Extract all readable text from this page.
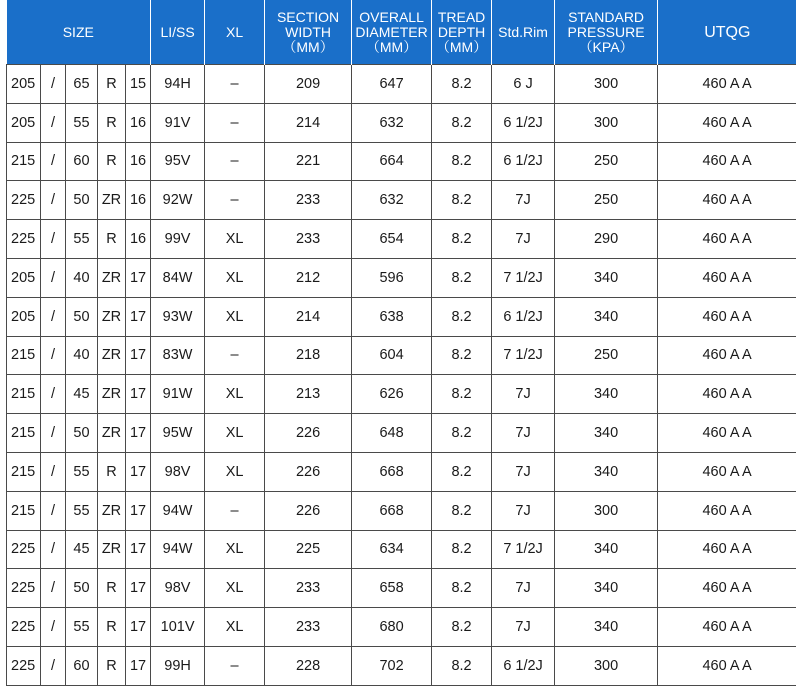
SIZE					LI/SS	XL	SECTION
WIDTH
（MM）	OVERALL
DIAMETER
（MM）	TREAD
DEPTH
（MM）	Std.Rim	STANDARD
PRESSURE
（KPA）	UTQG
205	/	65	R	15	94H	–	209	647	8.2	6 J	300	460 A A
205	/	55	R	16	91V	–	214	632	8.2	6 1/2J	300	460 A A
215	/	60	R	16	95V	–	221	664	8.2	6 1/2J	250	460 A A
225	/	50	ZR	16	92W	–	233	632	8.2	7J	250	460 A A
225	/	55	R	16	99V	XL	233	654	8.2	7J	290	460 A A
205	/	40	ZR	17	84W	XL	212	596	8.2	7 1/2J	340	460 A A
205	/	50	ZR	17	93W	XL	214	638	8.2	6 1/2J	340	460 A A
215	/	40	ZR	17	83W	–	218	604	8.2	7 1/2J	250	460 A A
215	/	45	ZR	17	91W	XL	213	626	8.2	7J	340	460 A A
215	/	50	ZR	17	95W	XL	226	648	8.2	7J	340	460 A A
215	/	55	R	17	98V	XL	226	668	8.2	7J	340	460 A A
215	/	55	ZR	17	94W	–	226	668	8.2	7J	300	460 A A
225	/	45	ZR	17	94W	XL	225	634	8.2	7 1/2J	340	460 A A
225	/	50	R	17	98V	XL	233	658	8.2	7J	340	460 A A
225	/	55	R	17	101V	XL	233	680	8.2	7J	340	460 A A
225	/	60	R	17	99H	–	228	702	8.2	6 1/2J	300	460 A A
